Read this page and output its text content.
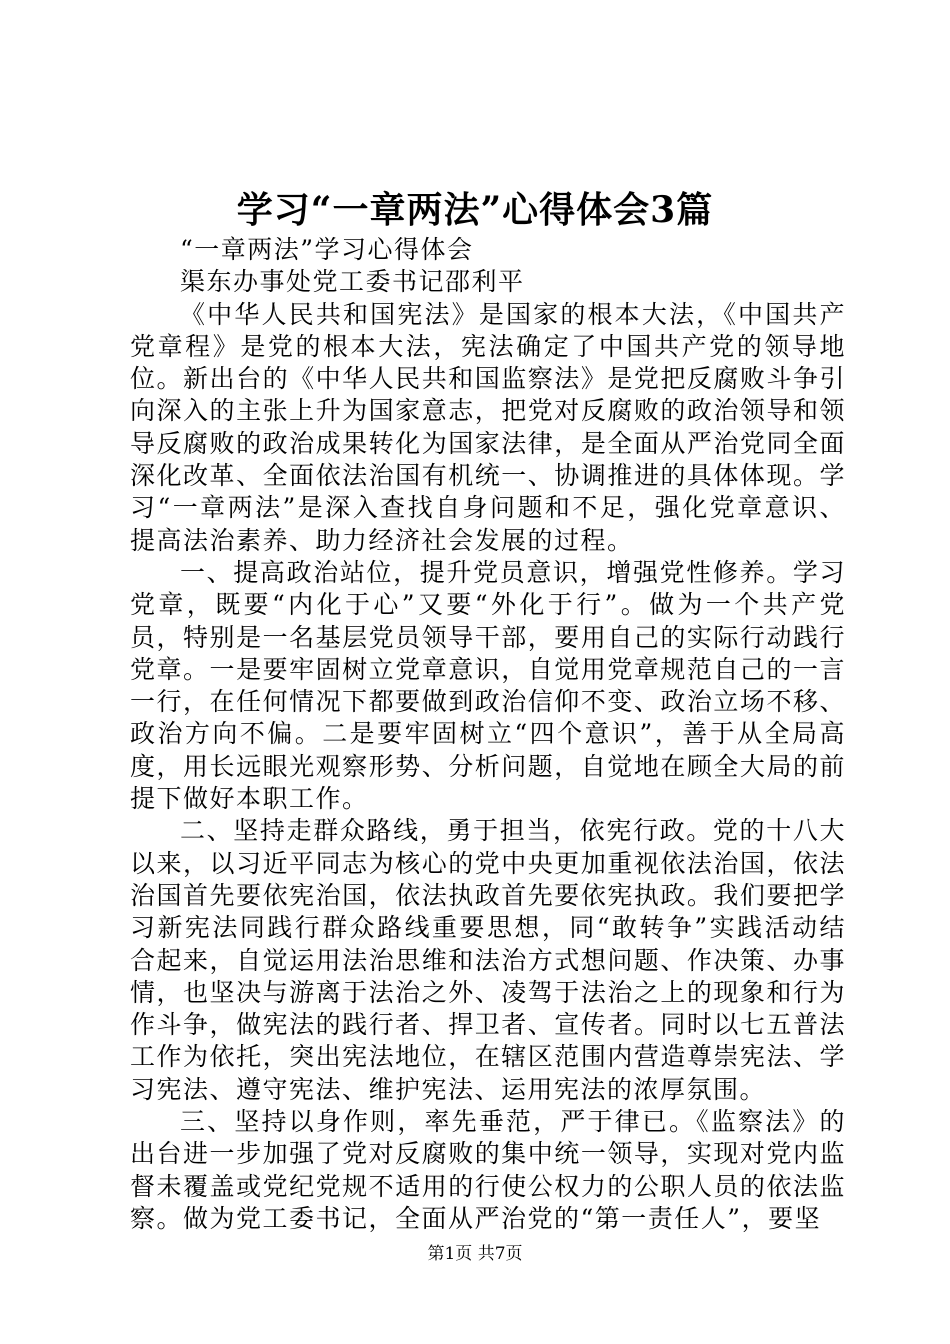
学习“一章两法”心得体会3篇

“一章两法”学习心得体会

渠东办事处党工委书记邵利平

《中华人民共和国宪法》是国家的根本大法，《中国共产党章程》是党的根本大法，宪法确定了中国共产党的领导地位。新出台的《中华人民共和国监察法》是党把反腐败斗争引向深入的主张上升为国家意志，把党对反腐败的政治领导和领导反腐败的政治成果转化为国家法律，是全面从严治党同全面深化改革、全面依法治国有机统一、协调推进的具体体现。学习“一章两法”是深入查找自身问题和不足，强化党章意识、提高法治素养、助力经济社会发展的过程。

一、提高政治站位，提升党员意识，增强党性修养。学习党章，既要“内化于心”又要“外化于行”。做为一个共产党员，特别是一名基层党员领导干部，要用自己的实际行动践行党章。一是要牢固树立党章意识，自觉用党章规范自己的一言一行，在任何情况下都要做到政治信仰不变、政治立场不移、政治方向不偏。二是要牢固树立“四个意识”，善于从全局高度，用长远眼光观察形势、分析问题，自觉地在顾全大局的前提下做好本职工作。

二、坚持走群众路线，勇于担当，依宪行政。党的十八大以来，以习近平同志为核心的党中央更加重视依法治国，依法治国首先要依宪治国，依法执政首先要依宪执政。我们要把学习新宪法同践行群众路线重要思想，同“敢转争”实践活动结合起来，自觉运用法治思维和法治方式想问题、作决策、办事情，也坚决与游离于法治之外、凌驾于法治之上的现象和行为作斗争，做宪法的践行者、捍卫者、宣传者。同时以七五普法工作为依托，突出宪法地位，在辖区范围内营造尊崇宪法、学习宪法、遵守宪法、维护宪法、运用宪法的浓厚氛围。

三、坚持以身作则，率先垂范，严于律已。《监察法》的出台进一步加强了党对反腐败的集中统一领导，实现对党内监督未覆盖或党纪党规不适用的行使公权力的公职人员的依法监察。做为党工委书记，全面从严治党的“第一责任人”，要坚

第1页 共7页
